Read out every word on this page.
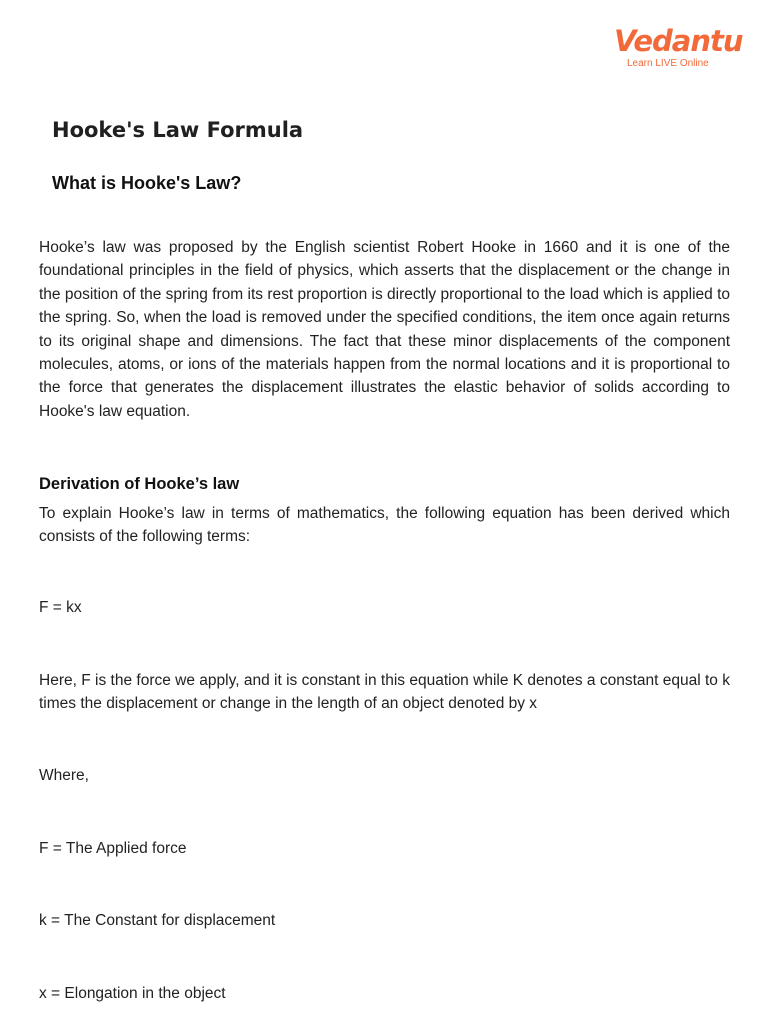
Vedantu
Learn LIVE Online
Hooke's Law Formula
What is Hooke's Law?

Hooke’s law was proposed by the English scientist Robert Hooke in 1660 and it is one of the foundational principles in the field of physics, which asserts that the displacement or the change in the position of the spring from its rest proportion is directly proportional to the load which is applied to the spring. So, when the load is removed under the specified conditions, the item once again returns to its original shape and dimensions. The fact that these minor displacements of the component molecules, atoms, or ions of the materials happen from the normal locations and it is proportional to the force that generates the displacement illustrates the elastic behavior of solids according to Hooke's law equation.

Derivation of Hooke’s law

To explain Hooke’s law in terms of mathematics, the following equation has been derived which consists of the following terms:

F = kx

Here, F is the force we apply, and it is constant in this equation while K denotes a constant equal to k times the displacement or change in the length of an object denoted by x

Where,

F = The Applied force

k = The Constant for displacement

x = Elongation in the object
